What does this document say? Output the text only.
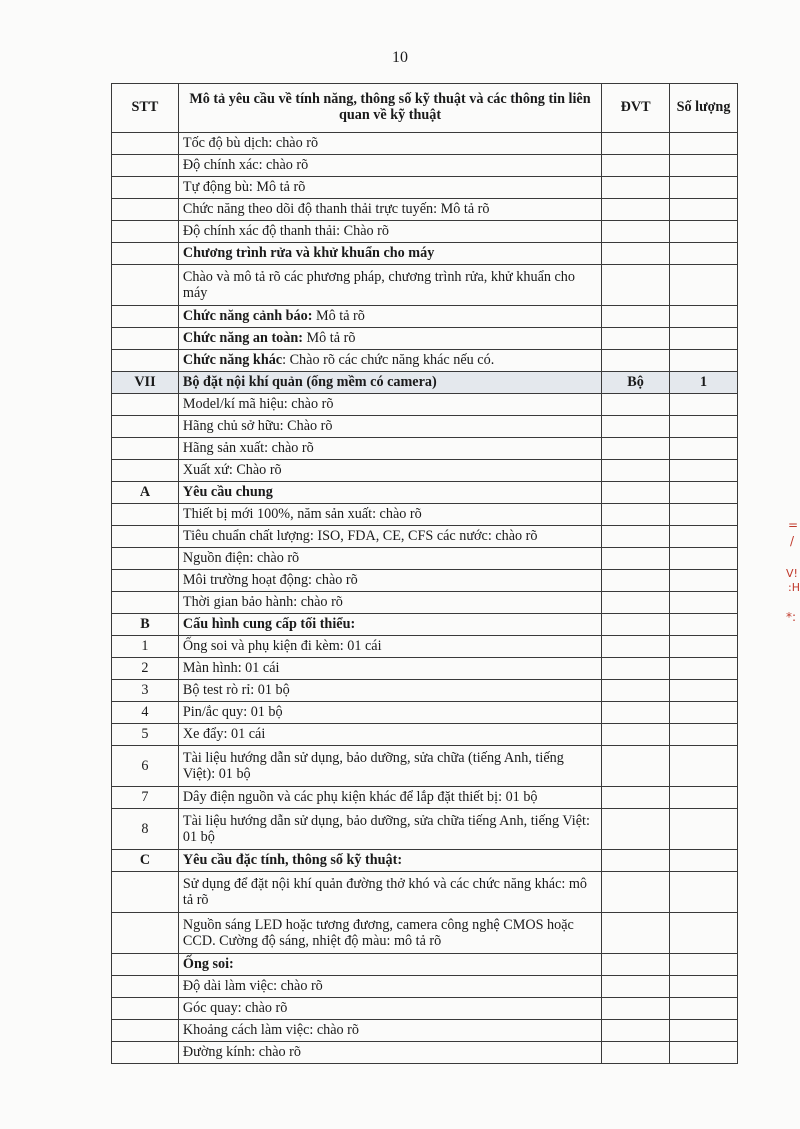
10
STT	Mô tả yêu cầu về tính năng, thông số kỹ thuật và các thông tin liên quan về kỹ thuật	ĐVT	Số lượng
	Tốc độ bù dịch: chào rõ		
	Độ chính xác: chào rõ		
	Tự động bù: Mô tả rõ		
	Chức năng theo dõi độ thanh thải trực tuyến: Mô tả rõ		
	Độ chính xác độ thanh thải: Chào rõ		
	Chương trình rửa và khử khuẩn cho máy		
	Chào và mô tả rõ các phương pháp, chương trình rửa, khử khuẩn cho máy		
	Chức năng cảnh báo: Mô tả rõ		
	Chức năng an toàn: Mô tả rõ		
	Chức năng khác: Chào rõ các chức năng khác nếu có.		
VII	Bộ đặt nội khí quản (ống mềm có camera)	Bộ	1
	Model/kí mã hiệu: chào rõ		
	Hãng chủ sở hữu: Chào rõ		
	Hãng sản xuất: chào rõ		
	Xuất xứ: Chào rõ		
A	Yêu cầu chung		
	Thiết bị mới 100%, năm sản xuất: chào rõ		
	Tiêu chuẩn chất lượng: ISO, FDA, CE, CFS các nước: chào rõ		
	Nguồn điện: chào rõ		
	Môi trường hoạt động: chào rõ		
	Thời gian bảo hành: chào rõ		
B	Cấu hình cung cấp tối thiểu:		
1	Ống soi và phụ kiện đi kèm: 01 cái		
2	Màn hình: 01 cái		
3	Bộ test rò rỉ: 01 bộ		
4	Pin/ắc quy: 01 bộ		
5	Xe đẩy: 01 cái		
6	Tài liệu hướng dẫn sử dụng, bảo dưỡng, sửa chữa (tiếng Anh, tiếng Việt): 01 bộ		
7	Dây điện nguồn và các phụ kiện khác để lắp đặt thiết bị: 01 bộ		
8	Tài liệu hướng dẫn sử dụng, bảo dưỡng, sửa chữa tiếng Anh, tiếng Việt: 01 bộ		
C	Yêu cầu đặc tính, thông số kỹ thuật:		
	Sử dụng để đặt nội khí quản đường thở khó và các chức năng khác: mô tả rõ		
	Nguồn sáng LED hoặc tương đương, camera công nghệ CMOS hoặc CCD. Cường độ sáng, nhiệt độ màu: mô tả rõ		
	Ống soi:		
	Độ dài làm việc: chào rõ		
	Góc quay: chào rõ		
	Khoảng cách làm việc: chào rõ		
	Đường kính: chào rõ		
=
/
V!
:H
*:
